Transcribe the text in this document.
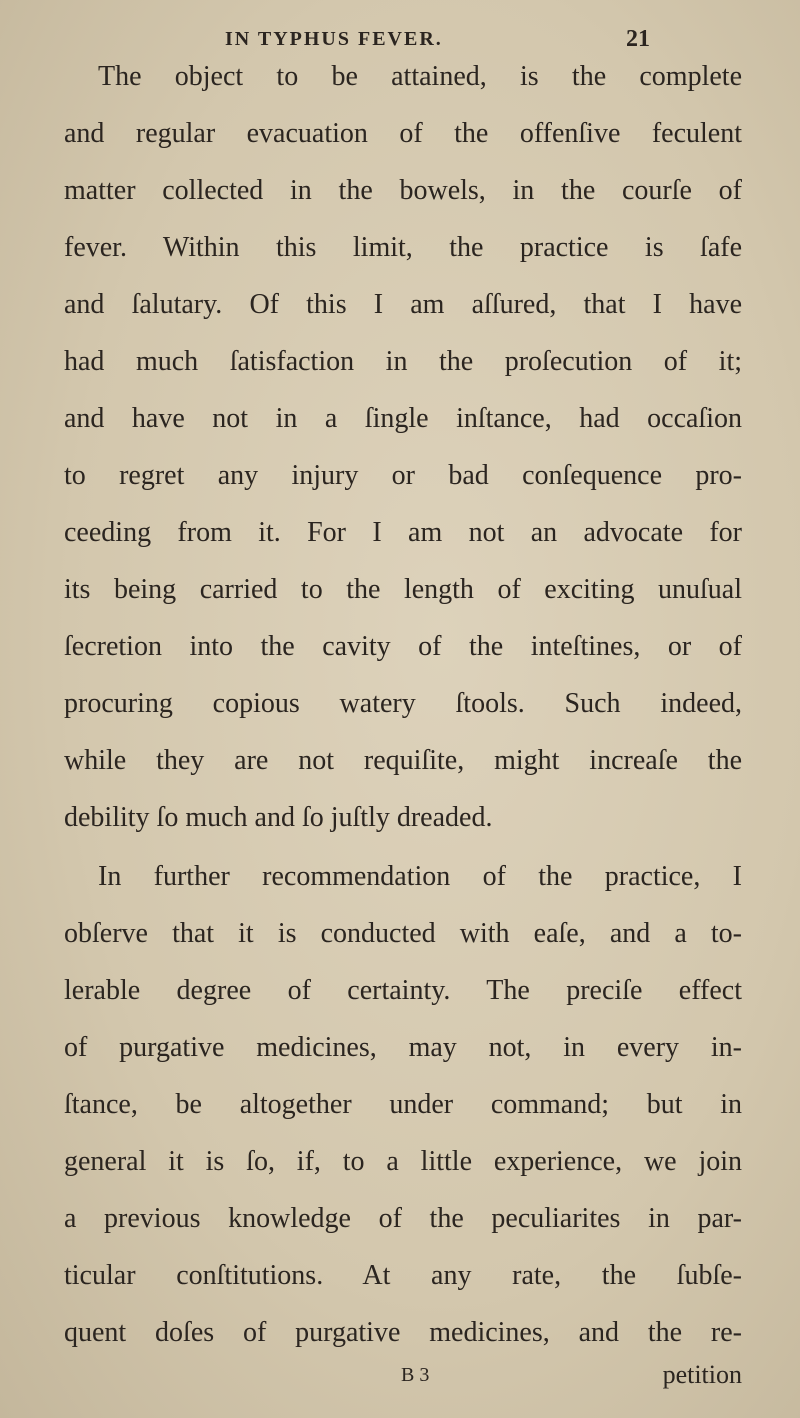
IN TYPHUS FEVER.	21
The objeсt to be attained, is the complete
and regular evacuation of the offenſive feculent
matter collected in the bowels, in the courſe of
fever. Within this limit, the practice is ſafe
and ſalutary. Of this I am aſſured, that I have
had much ſatisfaction in the proſecution of it;
and have not in a ſingle inſtance, had occaſion
to regret any injury or bad conſequence pro-
ceeding from it. For I am not an advocate for
its being carried to the length of exciting unuſual
ſecretion into the cavity of the inteſtines, or of
procuring copious watery ſtools. Such indeed,
while they are not requiſite, might increaſe the
debility ſo much and ſo juſtly dreaded.
In further recommendation of the practice, I
obſerve that it is conducted with eaſe, and a to-
lerable degree of certainty. The preciſe effect
of purgative medicines, may not, in every in-
ſtance, be altogether under command; but in
general it is ſo, if, to a little experience, we join
a previous knowledge of the peculiarites in par-
ticular conſtitutions. At any rate, the ſubſe-
quent doſes of purgative medicines, and the re-
B 3	petition
